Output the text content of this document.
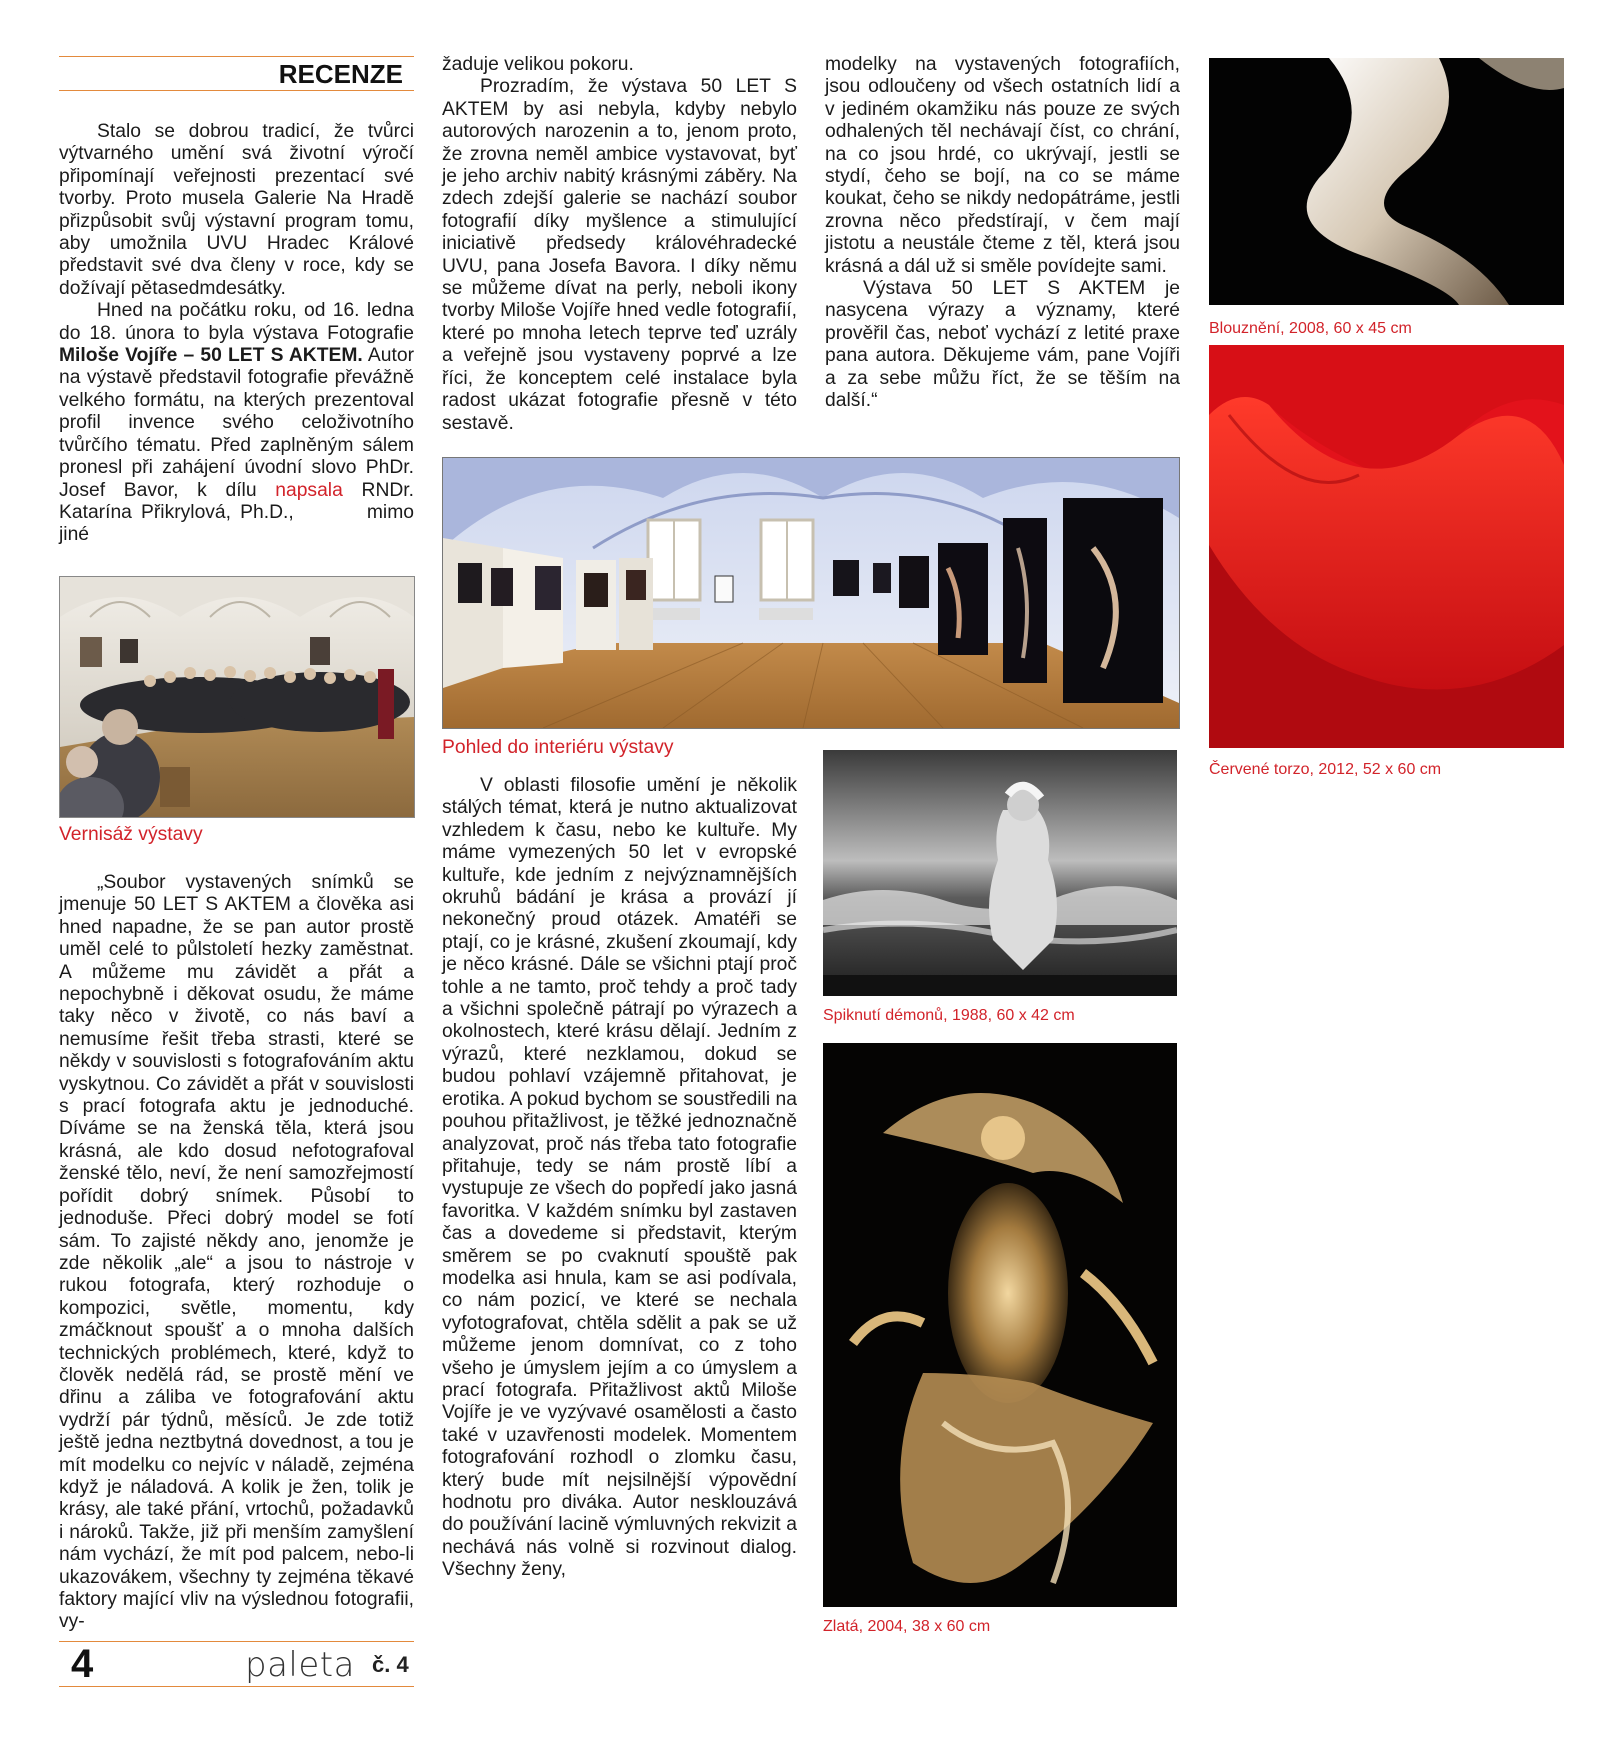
RECENZE

Stalo se dobrou tradicí, že tvůrci výtvarného umění svá životní výročí připomínají veřejnosti prezentací své tvorby. Proto musela Galerie Na Hradě přizpůsobit svůj výstavní program tomu, aby umožnila UVU Hradec Králové představit své dva členy v roce, kdy se dožívají pětasedmdesátky.

Hned na počátku roku, od 16. ledna do 18. února to byla výstava Fotografie Miloše Vojíře – 50 LET S AKTEM. Autor na výstavě představil fotografie převážně velkého formátu, na kterých prezentoval profil invence svého celoživotního tvůrčího tématu. Před zaplněným sálem pronesl při zahájení úvodní slovo PhDr. Josef Bavor, k dílu napsala RNDr. Katarína Přikrylová, Ph.D.,	mimo jiné

Vernisáž výstavy

„Soubor vystavených snímků se jmenuje 50 LET S AKTEM a člověka asi hned napadne, že se pan autor prostě uměl celé to půlstoletí hezky zaměstnat. A můžeme mu závidět a přát a nepochybně i děkovat osudu, že máme taky něco v životě, co nás baví a nemusíme řešit třeba strasti, které se někdy v souvislosti s fotografováním aktu vyskytnou. Co závidět a přát v souvislosti s prací fotografa aktu je jednoduché. Díváme se na ženská těla, která jsou krásná, ale kdo dosud nefotografoval ženské tělo, neví, že není samozřejmostí pořídit dobrý snímek. Působí to jednoduše. Přeci dobrý model se fotí sám. To zajisté někdy ano, jenomže je zde několik „ale“ a jsou to nástroje v rukou fotografa, který rozhoduje o kompozici, světle, momentu, kdy zmáčknout spoušť a o mnoha dalších technických problémech, které, když to člověk nedělá rád, se prostě mění ve dřinu a záliba ve fotografování aktu vydrží pár týdnů, měsíců. Je zde totiž ještě jedna neztbytná dovednost, a tou je mít modelku co nejvíc v náladě, zejména když je náladová. A kolik je žen, tolik je krásy, ale také přání, vrtochů, požadavků i nároků. Takže, již při menším zamyšlení nám vychází, že mít pod palcem, nebo-li ukazovákem, všechny ty zejména těkavé faktory mající vliv na výslednou fotografii, vy-

4	paleta č. 4

žaduje velikou pokoru.

Prozradím, že výstava 50 LET S AKTEM by asi nebyla, kdyby nebylo autorových narozenin a to, jenom proto, že zrovna neměl ambice vystavovat, byť je jeho archiv nabitý krásnými záběry. Na zdech zdejší galerie se nachází soubor fotografií díky myšlence a stimulující iniciativě předsedy královéhradecké UVU, pana Josefa Bavora. I díky němu se můžeme dívat na perly, neboli ikony tvorby Miloše Vojíře hned vedle fotografií, které po mnoha letech teprve teď uzrály a veřejně jsou vystaveny poprvé a lze říci, že konceptem celé instalace byla radost ukázat fotografie přesně v této sestavě.

modelky na vystavených fotografiích, jsou odloučeny od všech ostatních lidí a v jediném okamžiku nás pouze ze svých odhalených těl nechávají číst, co chrání, na co jsou hrdé, co ukrývají, jestli se stydí, čeho se bojí, na co se máme koukat, čeho se nikdy nedopátráme, jestli zrovna něco předstírají, v čem mají jistotu a neustále čteme z těl, která jsou krásná a dál už si směle povídejte sami.

Výstava 50 LET S AKTEM je nasycena výrazy a významy, které prověřil čas, neboť vychází z letité praxe pana autora. Děkujeme vám, pane Vojíři a za sebe můžu říct, že se těším na další.“

Pohled do interiéru výstavy

V oblasti filosofie umění je několik stálých témat, která je nutno aktualizovat vzhledem k času, nebo ke kultuře. My máme vymezených 50 let v evropské kultuře, kde jedním z nejvýznamnějších okruhů bádání je krása a provází jí nekonečný proud otázek. Amatéři se ptají, co je krásné, zkušení zkoumají, kdy je něco krásné. Dále se všichni ptají proč tohle a ne tamto, proč tehdy a proč tady a všichni společně pátrají po výrazech a okolnostech, které krásu dělají. Jedním z výrazů, které nezklamou, dokud se budou pohlaví vzájemně přitahovat, je erotika. A pokud bychom se soustředili na pouhou přitažlivost, je těžké jednoznačně analyzovat, proč nás třeba tato fotografie přitahuje, tedy se nám prostě líbí a vystupuje ze všech do popředí jako jasná favoritka. V každém snímku byl zastaven čas a dovedeme si představit, kterým směrem se po cvaknutí spouště pak modelka asi hnula, kam se asi podívala, co nám pozicí, ve které se nechala vyfotografovat, chtěla sdělit a pak se už můžeme jenom domnívat, co z toho všeho je úmyslem jejím a co úmyslem a prací fotografa. Přitažlivost aktů Miloše Vojíře je ve vyzývavé osamělosti a často také v uzavřenosti modelek. Momentem fotografování rozhodl o zlomku času, který bude mít nejsilnější výpovědní hodnotu pro diváka. Autor nesklouzává do používání lacině výmluvných rekvizit a nechává nás volně si rozvinout dialog. Všechny ženy,

Spiknutí démonů, 1988, 60 x 42 cm
Zlatá, 2004, 38 x 60 cm
Blouznění, 2008, 60 x 45 cm
Červené torzo, 2012, 52 x 60 cm
